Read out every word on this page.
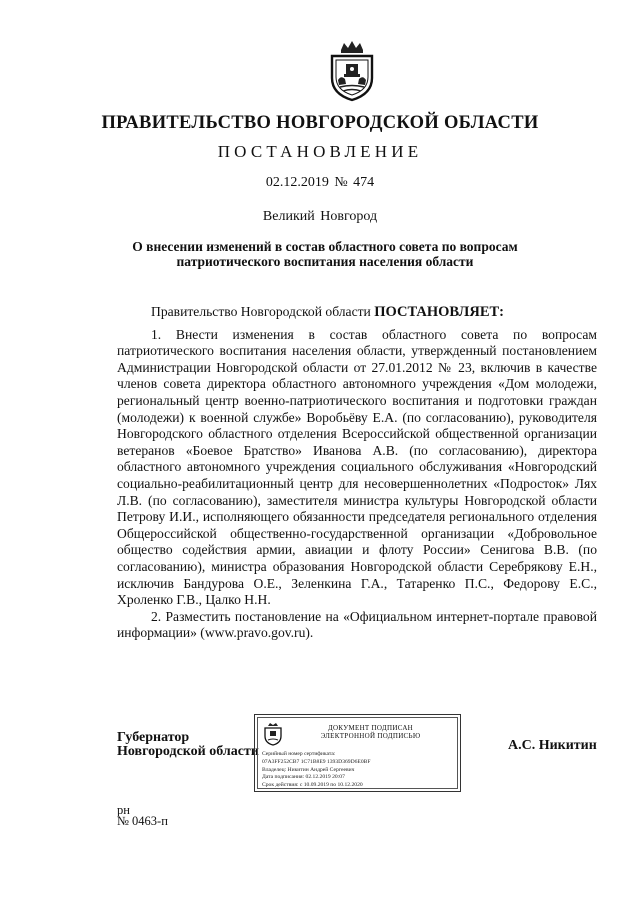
ПРАВИТЕЛЬСТВО НОВГОРОДСКОЙ ОБЛАСТИ
ПОСТАНОВЛЕНИЕ
02.12.2019 № 474
Великий Новгород
О внесении изменений в состав областного совета по вопросам патриотического воспитания населения области

Правительство Новгородской области ПОСТАНОВЛЯЕТ:

1. Внести изменения в состав областного совета по вопросам патриотического воспитания населения области, утвержденный постановлением Администрации Новгородской области от 27.01.2012 № 23, включив в качестве членов совета директора областного автономного учреждения «Дом молодежи, региональный центр военно-патриотического воспитания и подготовки граждан (молодежи) к военной службе» Воробьёву Е.А. (по согласованию), руководителя Новгородского областного отделения Всероссийской общественной организации ветеранов «Боевое Братство» Иванова А.В. (по согласованию), директора областного автономного учреждения социального обслуживания «Новгородский социально-реабилитационный центр для несовершеннолетних «Подросток» Лях Л.В. (по согласованию), заместителя министра культуры Новгородской области Петрову И.И., исполняющего обязанности председателя регионального отделения Общероссийской общественно-государственной организации «Добровольное общество содействия армии, авиации и флоту России» Сенигова В.В. (по согласованию), министра образования Новгородской области Серебрякову Е.Н., исключив Бандурова О.Е., Зеленкина Г.А., Татаренко П.С., Федорову Е.С., Хроленко Г.В., Цалко Н.Н.

2. Разместить постановление на «Официальном интернет-портале правовой информации» (www.pravo.gov.ru).

Губернатор
Новгородской области
ДОКУМЕНТ ПОДПИСАН
ЭЛЕКТРОННОЙ ПОДПИСЬЮ
Серийный номер сертификата:
07A3FF252CB7 1C71B8E9 1393D369D6E0BF
Владелец: Никитин Андрей Сергеевич
Дата подписания: 02.12.2019 20:07
Срок действия: с 10.09.2019 по 10.12.2020
А.С. Никитин
рн
№ 0463-п
